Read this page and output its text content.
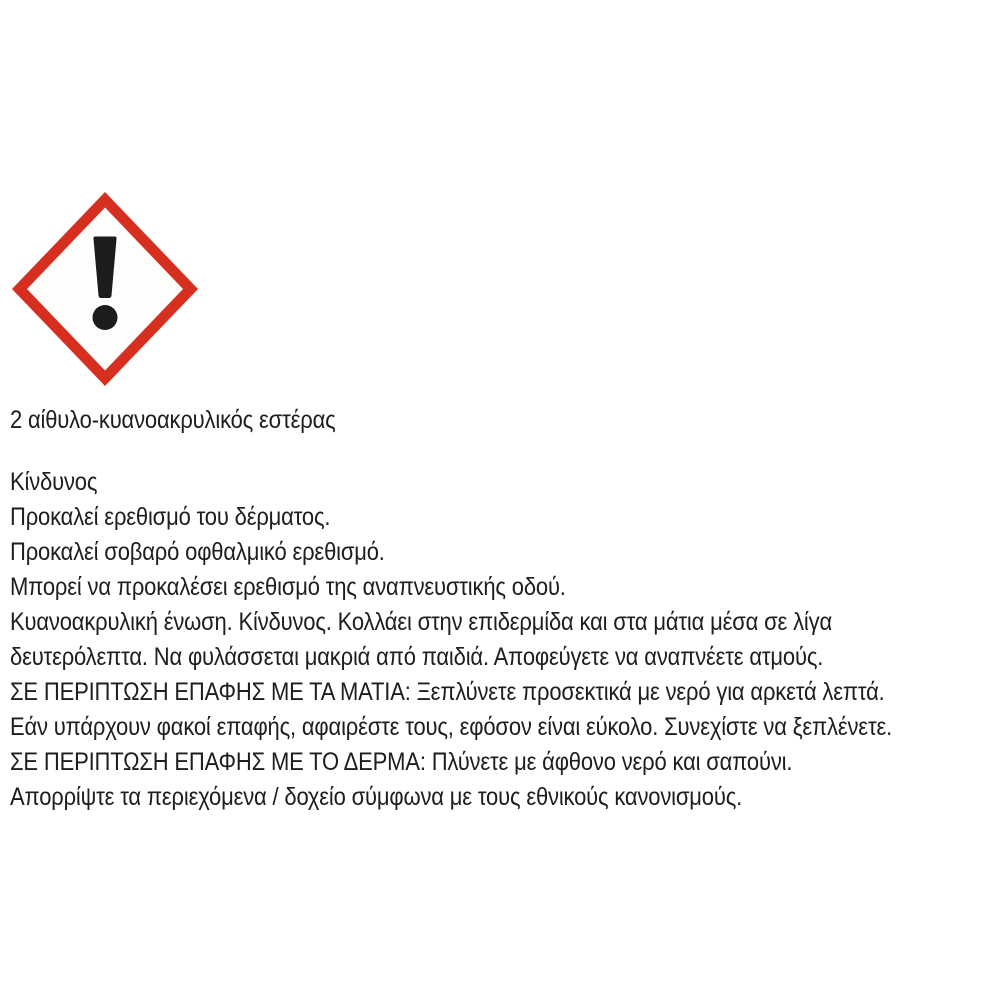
2 αίθυλο-κυανοακρυλικός εστέρας
Κίνδυνος
Προκαλεί ερεθισμό του δέρματος.
Προκαλεί σοβαρό οφθαλμικό ερεθισμό.
Μπορεί να προκαλέσει ερεθισμό της αναπνευστικής οδού.
Κυανοακρυλική ένωση. Κίνδυνος. Κολλάει στην επιδερμίδα και στα μάτια μέσα σε λίγα
δευτερόλεπτα. Να φυλάσσεται μακριά από παιδιά. Αποφεύγετε να αναπνέετε ατμούς.
ΣΕ ΠΕΡΙΠΤΩΣΗ ΕΠΑΦΗΣ ΜΕ ΤΑ ΜΑΤΙΑ: Ξεπλύνετε προσεκτικά με νερό για αρκετά λεπτά.
Εάν υπάρχουν φακοί επαφής, αφαιρέστε τους, εφόσον είναι εύκολο. Συνεχίστε να ξεπλένετε.
ΣΕ ΠΕΡΙΠΤΩΣΗ ΕΠΑΦΗΣ ΜΕ ΤΟ ΔΕΡΜΑ: Πλύνετε με άφθονο νερό και σαπούνι.
Απορρίψτε τα περιεχόμενα / δοχείο σύμφωνα με τους εθνικούς κανονισμούς.
